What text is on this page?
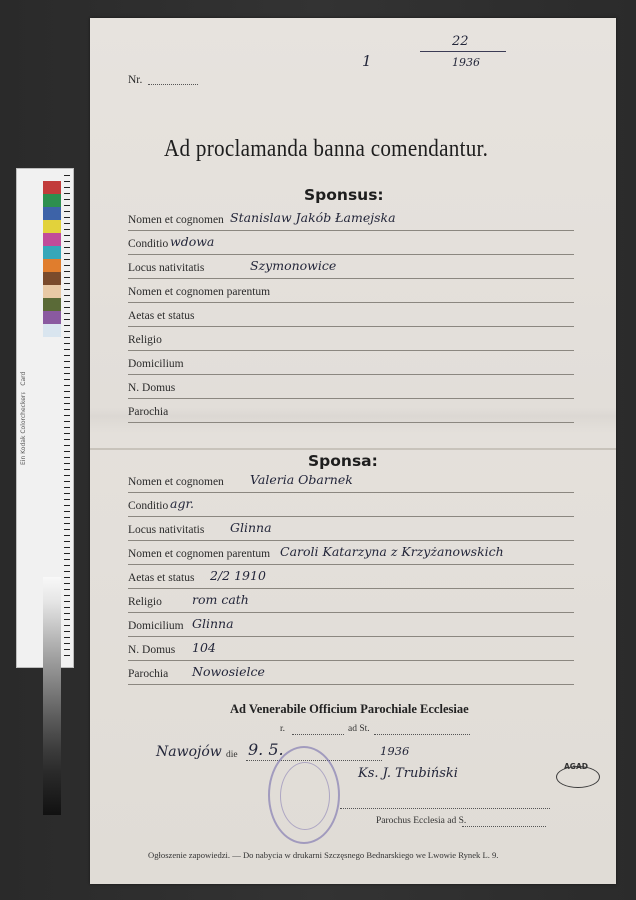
Ein Kodak Colorchecker™ Card
Nr.
1
22
1936
Ad proclamanda banna comendantur.
Sponsus:
Nomen et cognomen Stanislaw Jakób Łamejska
Conditio wdowa
Locus nativitatis	Szymonowice
Nomen et cognomen parentum
Aetas et status
Religio
Domicilium
N. Domus
Parochia
Sponsa:
Nomen et cognomen Valeria Obarnek
Conditio agr.
Locus nativitatis Glinna
Nomen et cognomen parentum Caroli Katarzyna z Krzyżanowskich
Aetas et status 2/2 1910
Religio rom cath
Domicilium Glinna
N. Domus 104
Parochia Nowosielce
Ad Venerabile Officium Parochiale Ecclesiae
r.	ad St.
Nawojów die 9. 5.	1936
Ks. J. Trubiński
Parochus Ecclesia ad S.
AGAD
Ogłoszenie zapowiedzi. — Do nabycia w drukarni Szczęsnego Bednarskiego we Lwowie Rynek L. 9.
